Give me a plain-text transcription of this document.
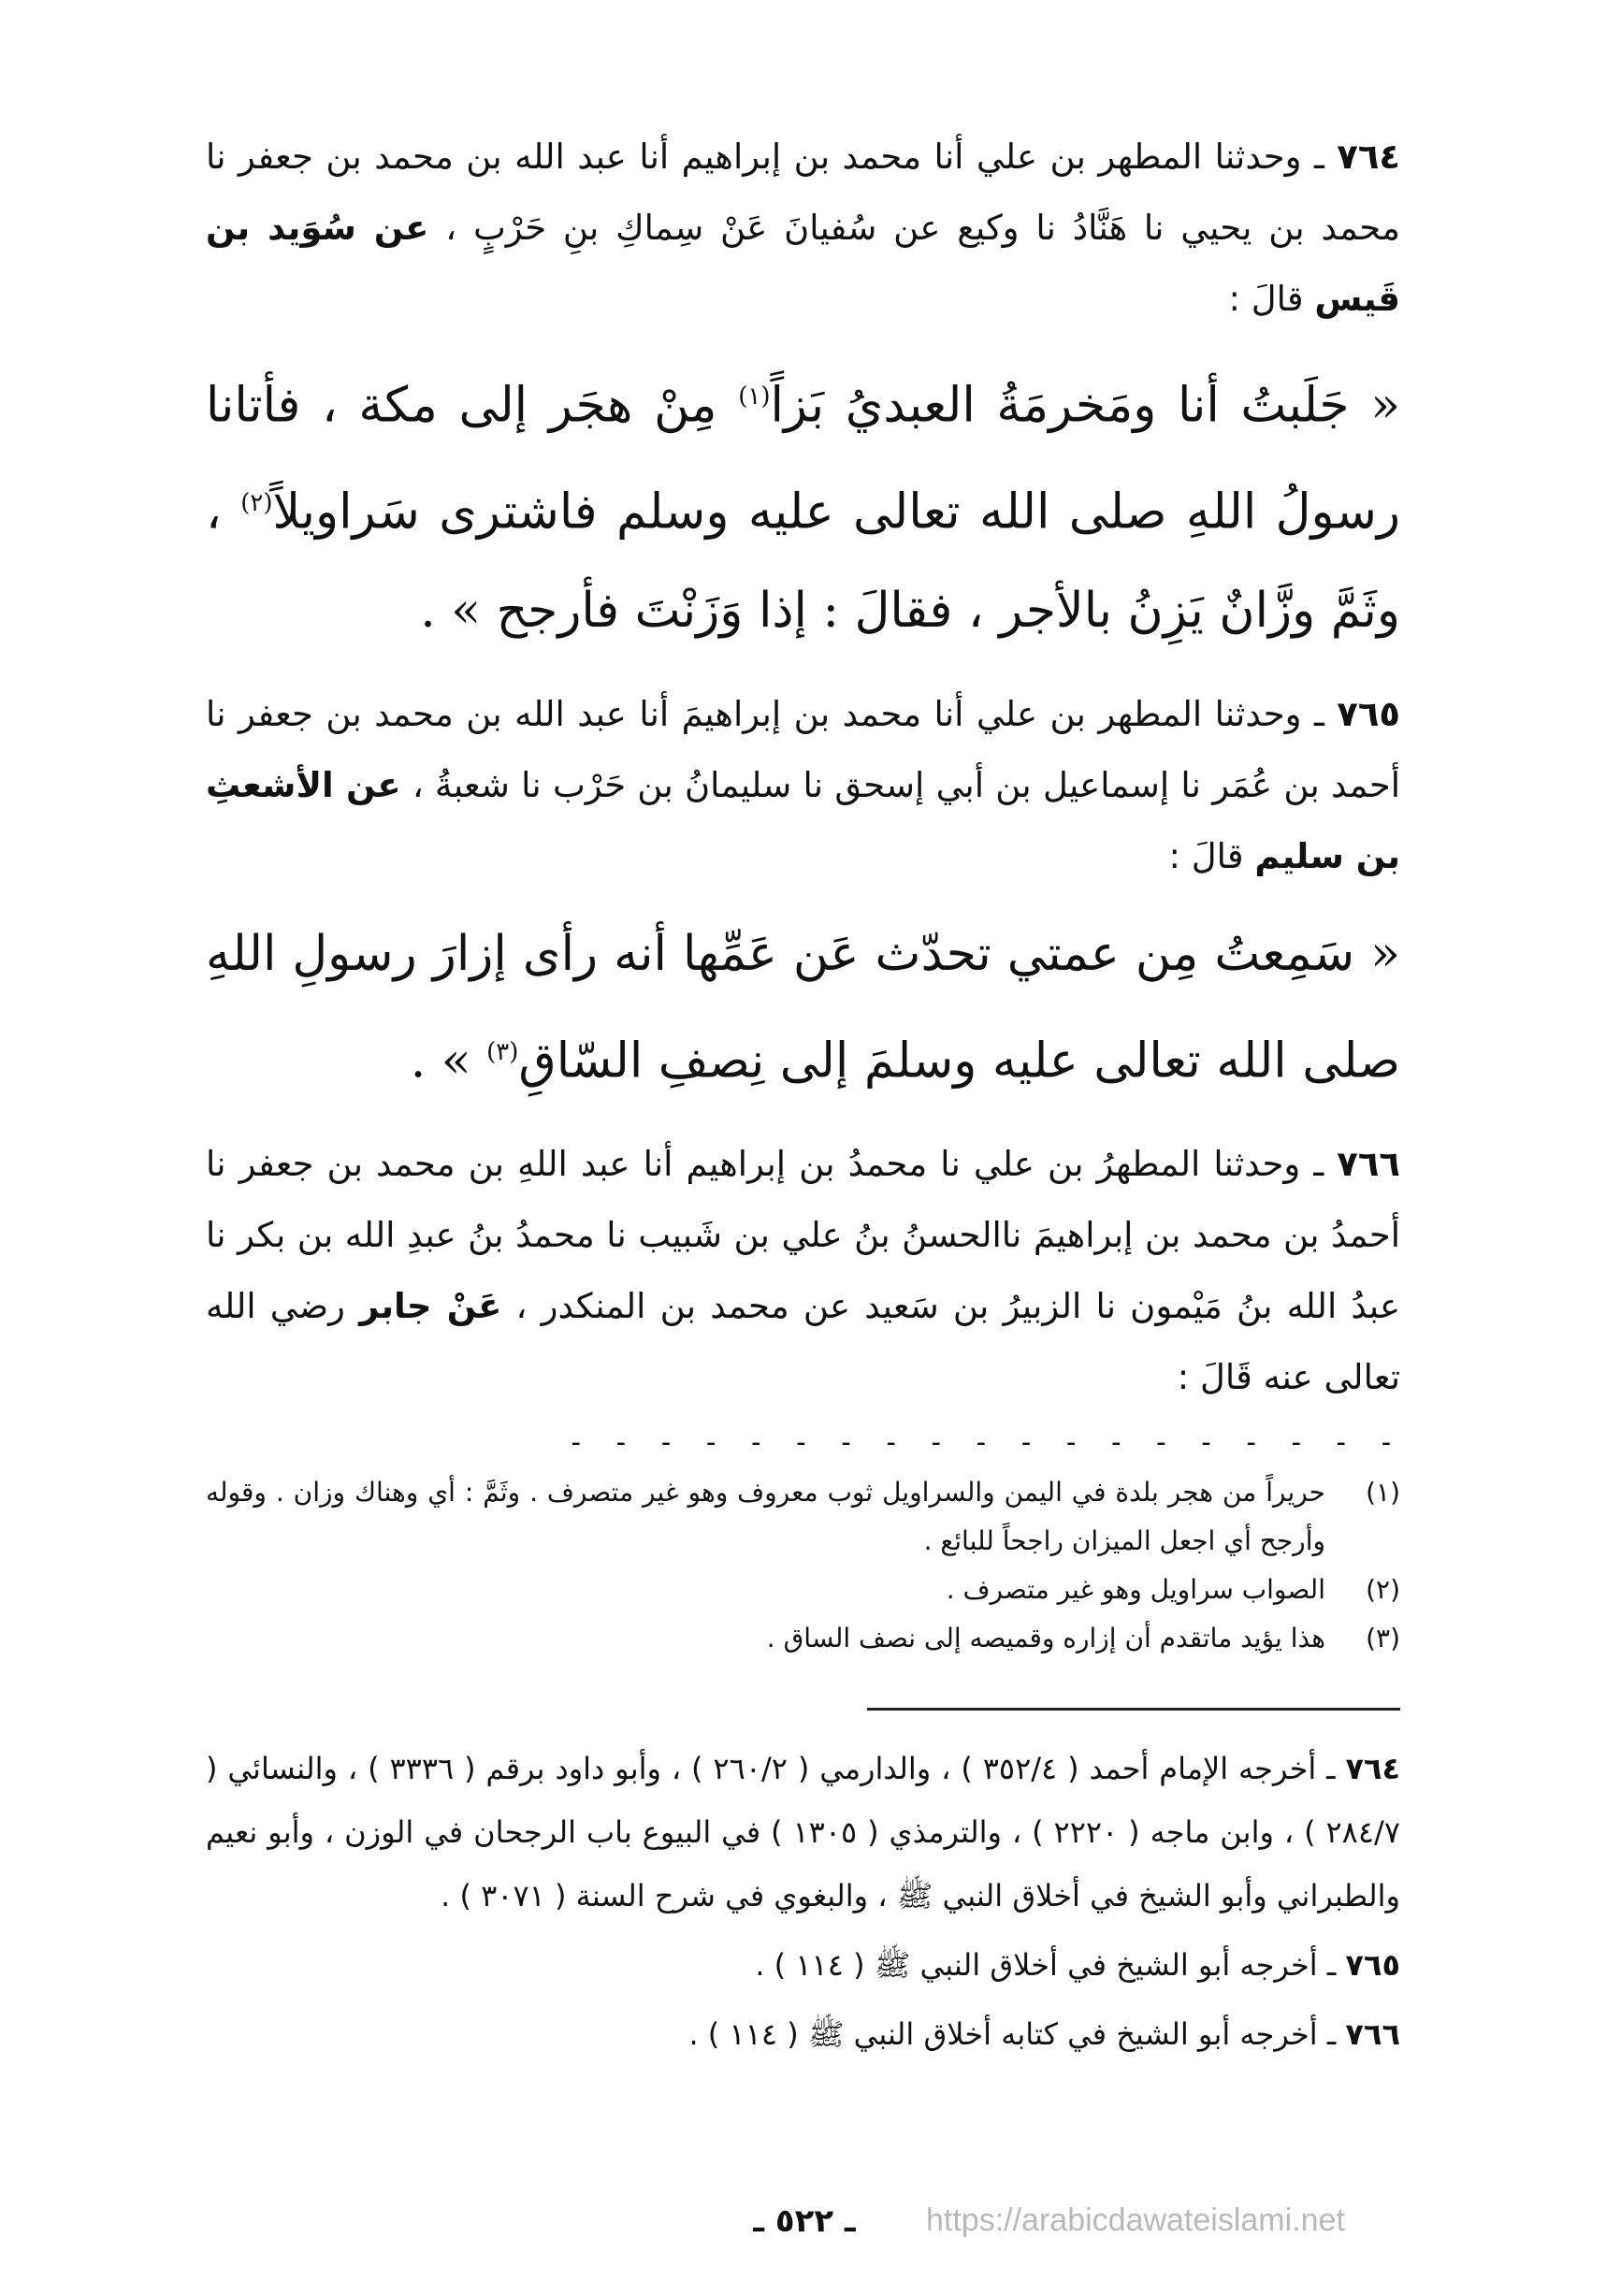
٧٦٤ ـ وحدثنا المطهر بن علي أنا محمد بن إبراهيم أنا عبد الله بن محمد بن جعفر نا محمد بن يحيي نا هَنَّادُ نا وكيع عن سُفيانَ عَنْ سِماكِ بنِ حَرْبٍ ، عن سُوَيد بن قَيس قالَ :

« جَلَبتُ أنا ومَخرمَةُ العبديُ بَزاً$^{(١)}$ مِنْ هجَر إلى مكة ، فأتانا رسولُ اللهِ صلى الله تعالى عليه وسلم فاشترى سَراويلاً$^{(٢)}$ ، وثَمَّ وزَّانٌ يَزِنُ بالأجر ، فقالَ : إذا وَزَنْتَ فأرجح » .

٧٦٥ ـ وحدثنا المطهر بن علي أنا محمد بن إبراهيمَ أنا عبد الله بن محمد بن جعفر نا أحمد بن عُمَر نا إسماعيل بن أبي إسحق نا سليمانُ بن حَرْب نا شعبةُ ، عن الأشعثِ بن سليم قالَ :

« سَمِعتُ مِن عمتي تحدّث عَن عَمِّها أنه رأى إزارَ رسولِ اللهِ صلى الله تعالى عليه وسلمَ إلى نِصفِ السّاقِ$^{(٣)}$ » .

٧٦٦ ـ وحدثنا المطهرُ بن علي نا محمدُ بن إبراهيم أنا عبد اللهِ بن محمد بن جعفر نا أحمدُ بن محمد بن إبراهيمَ ناالحسنُ بنُ علي بن شَبيب نا محمدُ بنُ عبدِ الله بن بكر نا عبدُ الله بنُ مَيْمون نا الزبيرُ بن سَعيد عن محمد بن المنكدر ، عَنْ جابر رضي الله تعالى عنه قَالَ :

- - - - - - - - - - - - - - - - - - -
(١)
حريراً من هجر بلدة في اليمن والسراويل ثوب معروف وهو غير متصرف . وثَمَّ : أي وهناك وزان . وقوله وأرجح أي اجعل الميزان راجحاً للبائع .
(٢)
الصواب سراويل وهو غير متصرف .
(٣)
هذا يؤيد ماتقدم أن إزاره وقميصه إلى نصف الساق .

٧٦٤ ـ أخرجه الإمام أحمد ( ٣٥٢/٤ ) ، والدارمي ( ٢٦٠/٢ ) ، وأبو داود برقم ( ٣٣٣٦ ) ، والنسائي ( ٢٨٤/٧ ) ، وابن ماجه ( ٢٢٢٠ ) ، والترمذي ( ١٣٠٥ ) في البيوع باب الرجحان في الوزن ، وأبو نعيم والطبراني وأبو الشيخ في أخلاق النبي ﷺ ، والبغوي في شرح السنة ( ٣٠٧١ ) .

٧٦٥ ـ أخرجه أبو الشيخ في أخلاق النبي ﷺ ( ١١٤ ) .

٧٦٦ ـ أخرجه أبو الشيخ في كتابه أخلاق النبي ﷺ ( ١١٤ ) .

ـ ٥٢٢ ـ	https://arabicdawateislami.net
